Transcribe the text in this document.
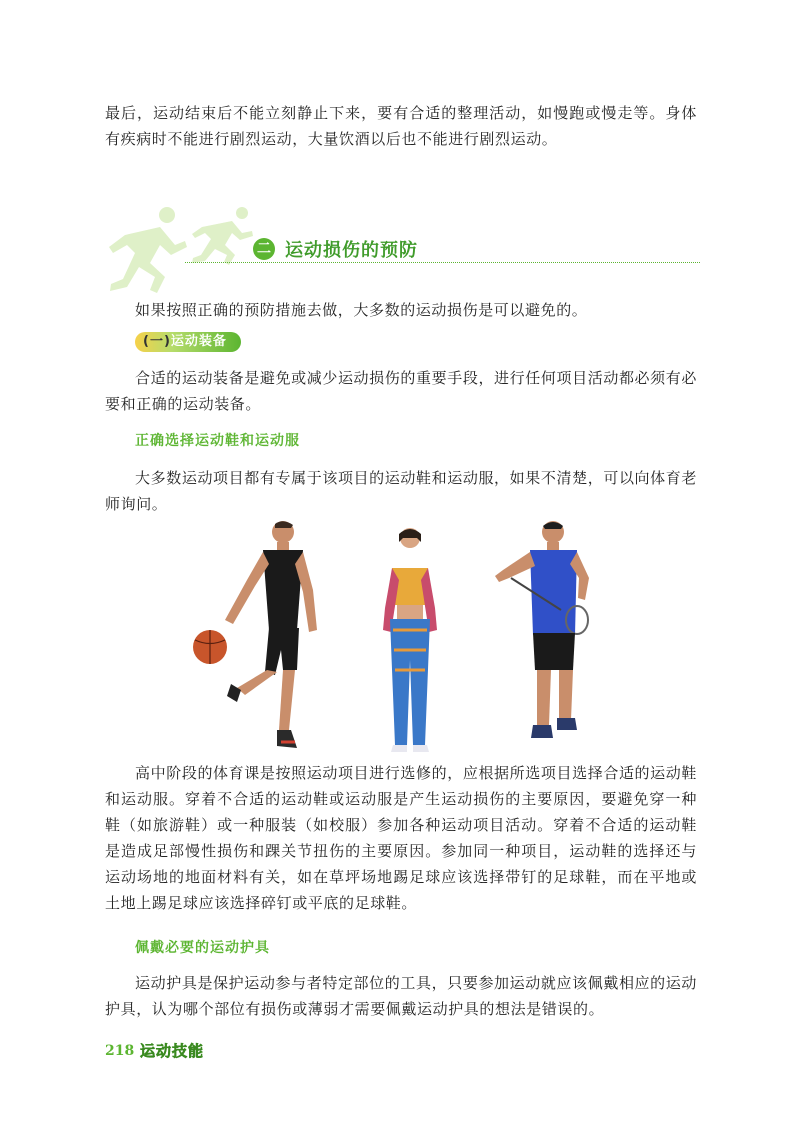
最后，运动结束后不能立刻静止下来，要有合适的整理活动，如慢跑或慢走等。身体有疾病时不能进行剧烈运动，大量饮酒以后也不能进行剧烈运动。

二 运动损伤的预防

如果按照正确的预防措施去做，大多数的运动损伤是可以避免的。

(一)运动装备

合适的运动装备是避免或减少运动损伤的重要手段，进行任何项目活动都必须有必要和正确的运动装备。

正确选择运动鞋和运动服

大多数运动项目都有专属于该项目的运动鞋和运动服，如果不清楚，可以向体育老师询问。

高中阶段的体育课是按照运动项目进行选修的，应根据所选项目选择合适的运动鞋和运动服。穿着不合适的运动鞋或运动服是产生运动损伤的主要原因，要避免穿一种鞋（如旅游鞋）或一种服装（如校服）参加各种运动项目活动。穿着不合适的运动鞋是造成足部慢性损伤和踝关节扭伤的主要原因。参加同一种项目，运动鞋的选择还与运动场地的地面材料有关，如在草坪场地踢足球应该选择带钉的足球鞋，而在平地或土地上踢足球应该选择碎钉或平底的足球鞋。

佩戴必要的运动护具

运动护具是保护运动参与者特定部位的工具，只要参加运动就应该佩戴相应的运动护具，认为哪个部位有损伤或薄弱才需要佩戴运动护具的想法是错误的。

218 运动技能
